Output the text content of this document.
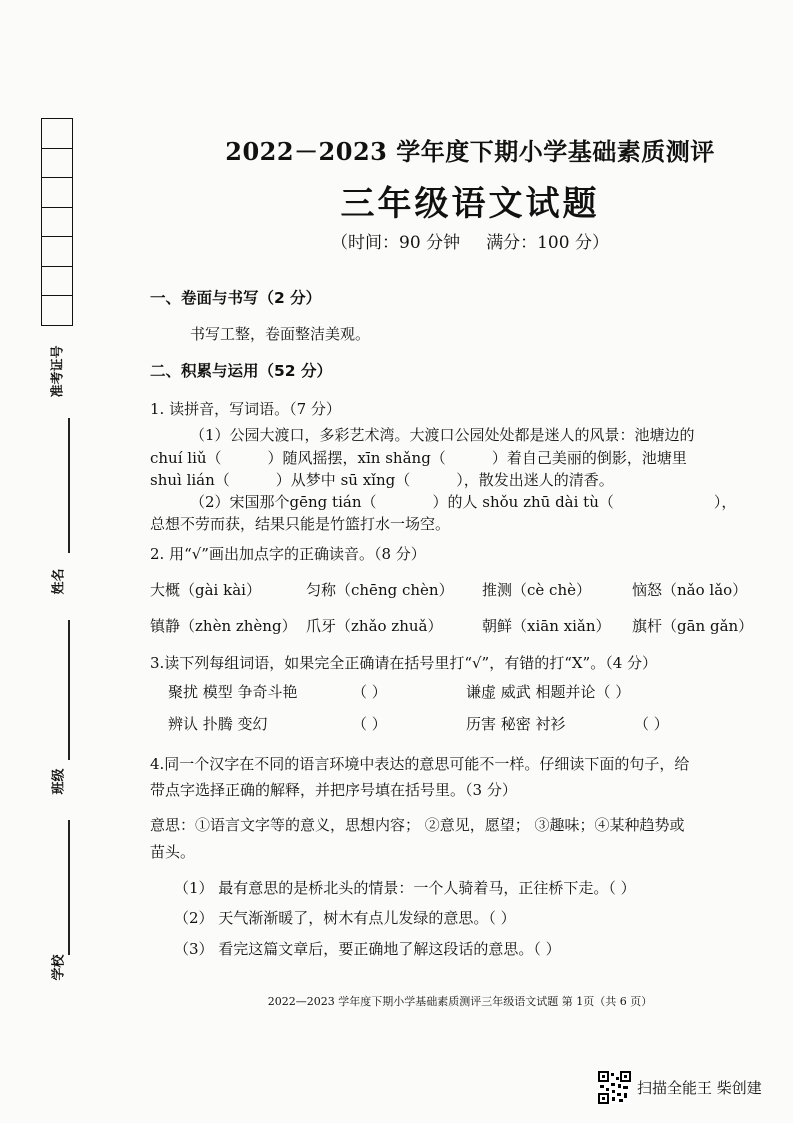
准考证号
姓名
班级
学校
2022－2023 学年度下期小学基础素质测评
三年级语文试题
（时间：90 分钟 满分：100 分）
一、卷面与书写（2 分）
书写工整，卷面整洁美观。
二、积累与运用（52 分）
1. 读拼音，写词语。（7 分）
（1）公园大渡口，多彩艺术湾。大渡口公园处处都是迷人的风景：池塘边的
chuí liǔ（	）随风摇摆，xīn shǎng（	）着自己美丽的倒影，池塘里
shuì lián（	）从梦中 sū xǐng（	），散发出迷人的清香。
（2）宋国那个gēng tián（	）的人 shǒu zhū dài tù（	），
总想不劳而获，结果只能是竹篮打水一场空。
2. 用“√”画出加点字的正确读音。（8 分）
大概（gài kài）	匀称（chēng chèn） 推测（cè chè）	恼怒（nǎo lǎo）
镇静（zhèn zhèng） 爪牙（zhǎo zhuǎ）	朝鲜（xiān xiǎn） 旗杆（gān gǎn）
3.读下列每组词语，如果完全正确请在括号里打“√”，有错的打“X”。（4 分）
聚扰 模型 争奇斗艳	（ ）	谦虚 威武 相题并论（ ）
辨认 扑腾 变幻	（ ）	历害 秘密 衬衫	（ ）
4.同一个汉字在不同的语言环境中表达的意思可能不一样。仔细读下面的句子，给
带点字选择正确的解释，并把序号填在括号里。（3 分）
意思：①语言文字等的意义，思想内容； ②意见，愿望； ③趣味；④某种趋势或
苗头。
（1） 最有意思的是桥北头的情景：一个人骑着马，正往桥下走。（ ）
（2） 天气渐渐暖了，树木有点儿发绿的意思。（ ）
（3） 看完这篇文章后，要正确地了解这段话的意思。（ ）
2022—2023 学年度下期小学基础素质测评三年级语文试题 第 1页（共 6 页）
扫描全能王 柴创建
